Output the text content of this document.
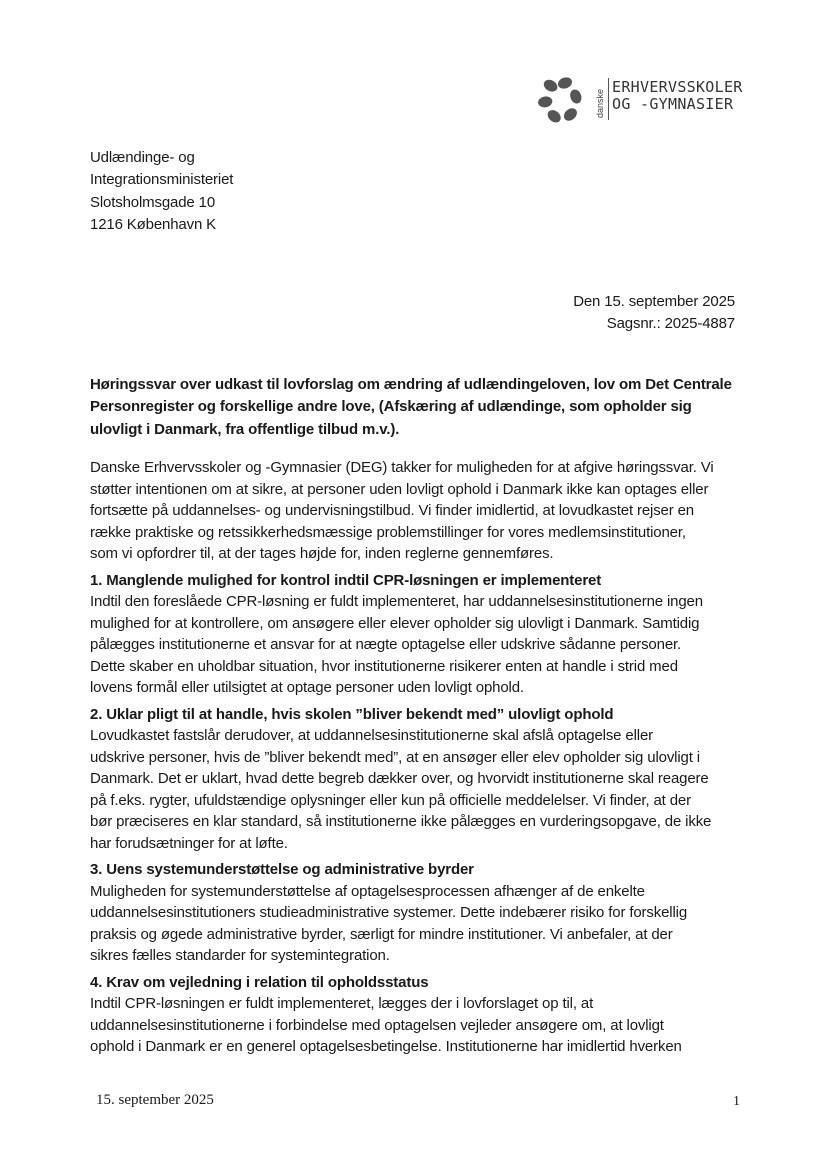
danske
ERHVERVSSKOLER
OG -GYMNASIER
Udlændinge- og
Integrationsministeriet
Slotsholmsgade 10
1216 København K
Den 15. september 2025
Sagsnr.: 2025-4887
Høringssvar over udkast til lovforslag om ændring af udlændingeloven, lov om Det Centrale
Personregister og forskellige andre love, (Afskæring af udlændinge, som opholder sig
ulovligt i Danmark, fra offentlige tilbud m.v.).
Danske Erhvervsskoler og -Gymnasier (DEG) takker for muligheden for at afgive høringssvar. Vi
støtter intentionen om at sikre, at personer uden lovligt ophold i Danmark ikke kan optages eller
fortsætte på uddannelses- og undervisningstilbud. Vi finder imidlertid, at lovudkastet rejser en
række praktiske og retssikkerhedsmæssige problemstillinger for vores medlemsinstitutioner,
som vi opfordrer til, at der tages højde for, inden reglerne gennemføres.
1. Manglende mulighed for kontrol indtil CPR-løsningen er implementeret
Indtil den foreslåede CPR-løsning er fuldt implementeret, har uddannelsesinstitutionerne ingen
mulighed for at kontrollere, om ansøgere eller elever opholder sig ulovligt i Danmark. Samtidig
pålægges institutionerne et ansvar for at nægte optagelse eller udskrive sådanne personer.
Dette skaber en uholdbar situation, hvor institutionerne risikerer enten at handle i strid med
lovens formål eller utilsigtet at optage personer uden lovligt ophold.
2. Uklar pligt til at handle, hvis skolen ”bliver bekendt med” ulovligt ophold
Lovudkastet fastslår derudover, at uddannelsesinstitutionerne skal afslå optagelse eller
udskrive personer, hvis de ”bliver bekendt med”, at en ansøger eller elev opholder sig ulovligt i
Danmark. Det er uklart, hvad dette begreb dækker over, og hvorvidt institutionerne skal reagere
på f.eks. rygter, ufuldstændige oplysninger eller kun på officielle meddelelser. Vi finder, at der
bør præciseres en klar standard, så institutionerne ikke pålægges en vurderingsopgave, de ikke
har forudsætninger for at løfte.
3. Uens systemunderstøttelse og administrative byrder
Muligheden for systemunderstøttelse af optagelsesprocessen afhænger af de enkelte
uddannelsesinstitutioners studieadministrative systemer. Dette indebærer risiko for forskellig
praksis og øgede administrative byrder, særligt for mindre institutioner. Vi anbefaler, at der
sikres fælles standarder for systemintegration.
4. Krav om vejledning i relation til opholdsstatus
Indtil CPR-løsningen er fuldt implementeret, lægges der i lovforslaget op til, at
uddannelsesinstitutionerne i forbindelse med optagelsen vejleder ansøgere om, at lovligt
ophold i Danmark er en generel optagelsesbetingelse. Institutionerne har imidlertid hverken
15. september 2025	1
